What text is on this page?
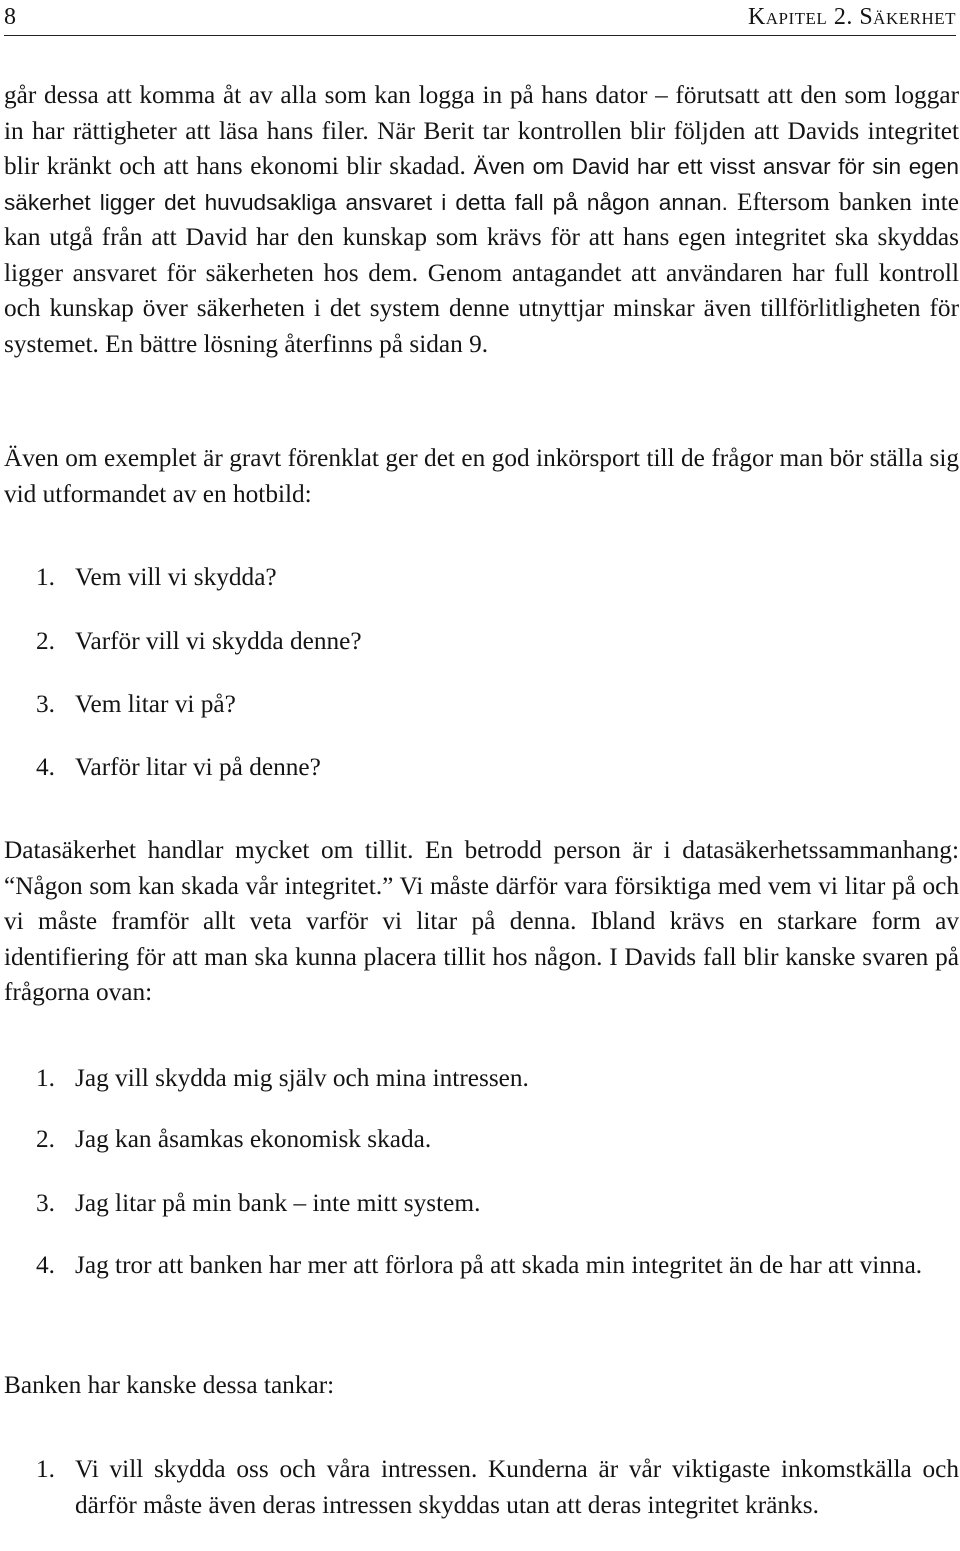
8	Kapitel 2. Säkerhet

går dessa att komma åt av alla som kan logga in på hans dator – förutsatt att den som loggar in har rättigheter att läsa hans filer. När Berit tar kontrollen blir följden att Davids integritet blir kränkt och att hans ekonomi blir skadad. Även om David har ett visst ansvar för sin egen säkerhet ligger det huvudsakliga ansvaret i detta fall på någon annan. Eftersom banken inte kan utgå från att David har den kunskap som krävs för att hans egen integritet ska skyddas ligger ansvaret för säkerheten hos dem. Genom antagandet att användaren har full kontroll och kunskap över säkerheten i det system denne utnyttjar minskar även tillförlitligheten för systemet. En bättre lösning återfinns på sidan 9.

Även om exemplet är gravt förenklat ger det en god inkörsport till de frågor man bör ställa sig vid utformandet av en hotbild:

1. Vem vill vi skydda?
2. Varför vill vi skydda denne?
3. Vem litar vi på?
4. Varför litar vi på denne?

Datasäkerhet handlar mycket om tillit. En betrodd person är i datasäkerhetssammanhang: “Någon som kan skada vår integritet.” Vi måste därför vara försiktiga med vem vi litar på och vi måste framför allt veta varför vi litar på denna. Ibland krävs en starkare form av identifiering för att man ska kunna placera tillit hos någon. I Davids fall blir kanske svaren på frågorna ovan:

1. Jag vill skydda mig själv och mina intressen.
2. Jag kan åsamkas ekonomisk skada.
3. Jag litar på min bank – inte mitt system.
4. Jag tror att banken har mer att förlora på att skada min integritet än de har att vinna.

Banken har kanske dessa tankar:

1. Vi vill skydda oss och våra intressen. Kunderna är vår viktigaste inkomstkälla och därför måste även deras intressen skyddas utan att deras integritet kränks.
